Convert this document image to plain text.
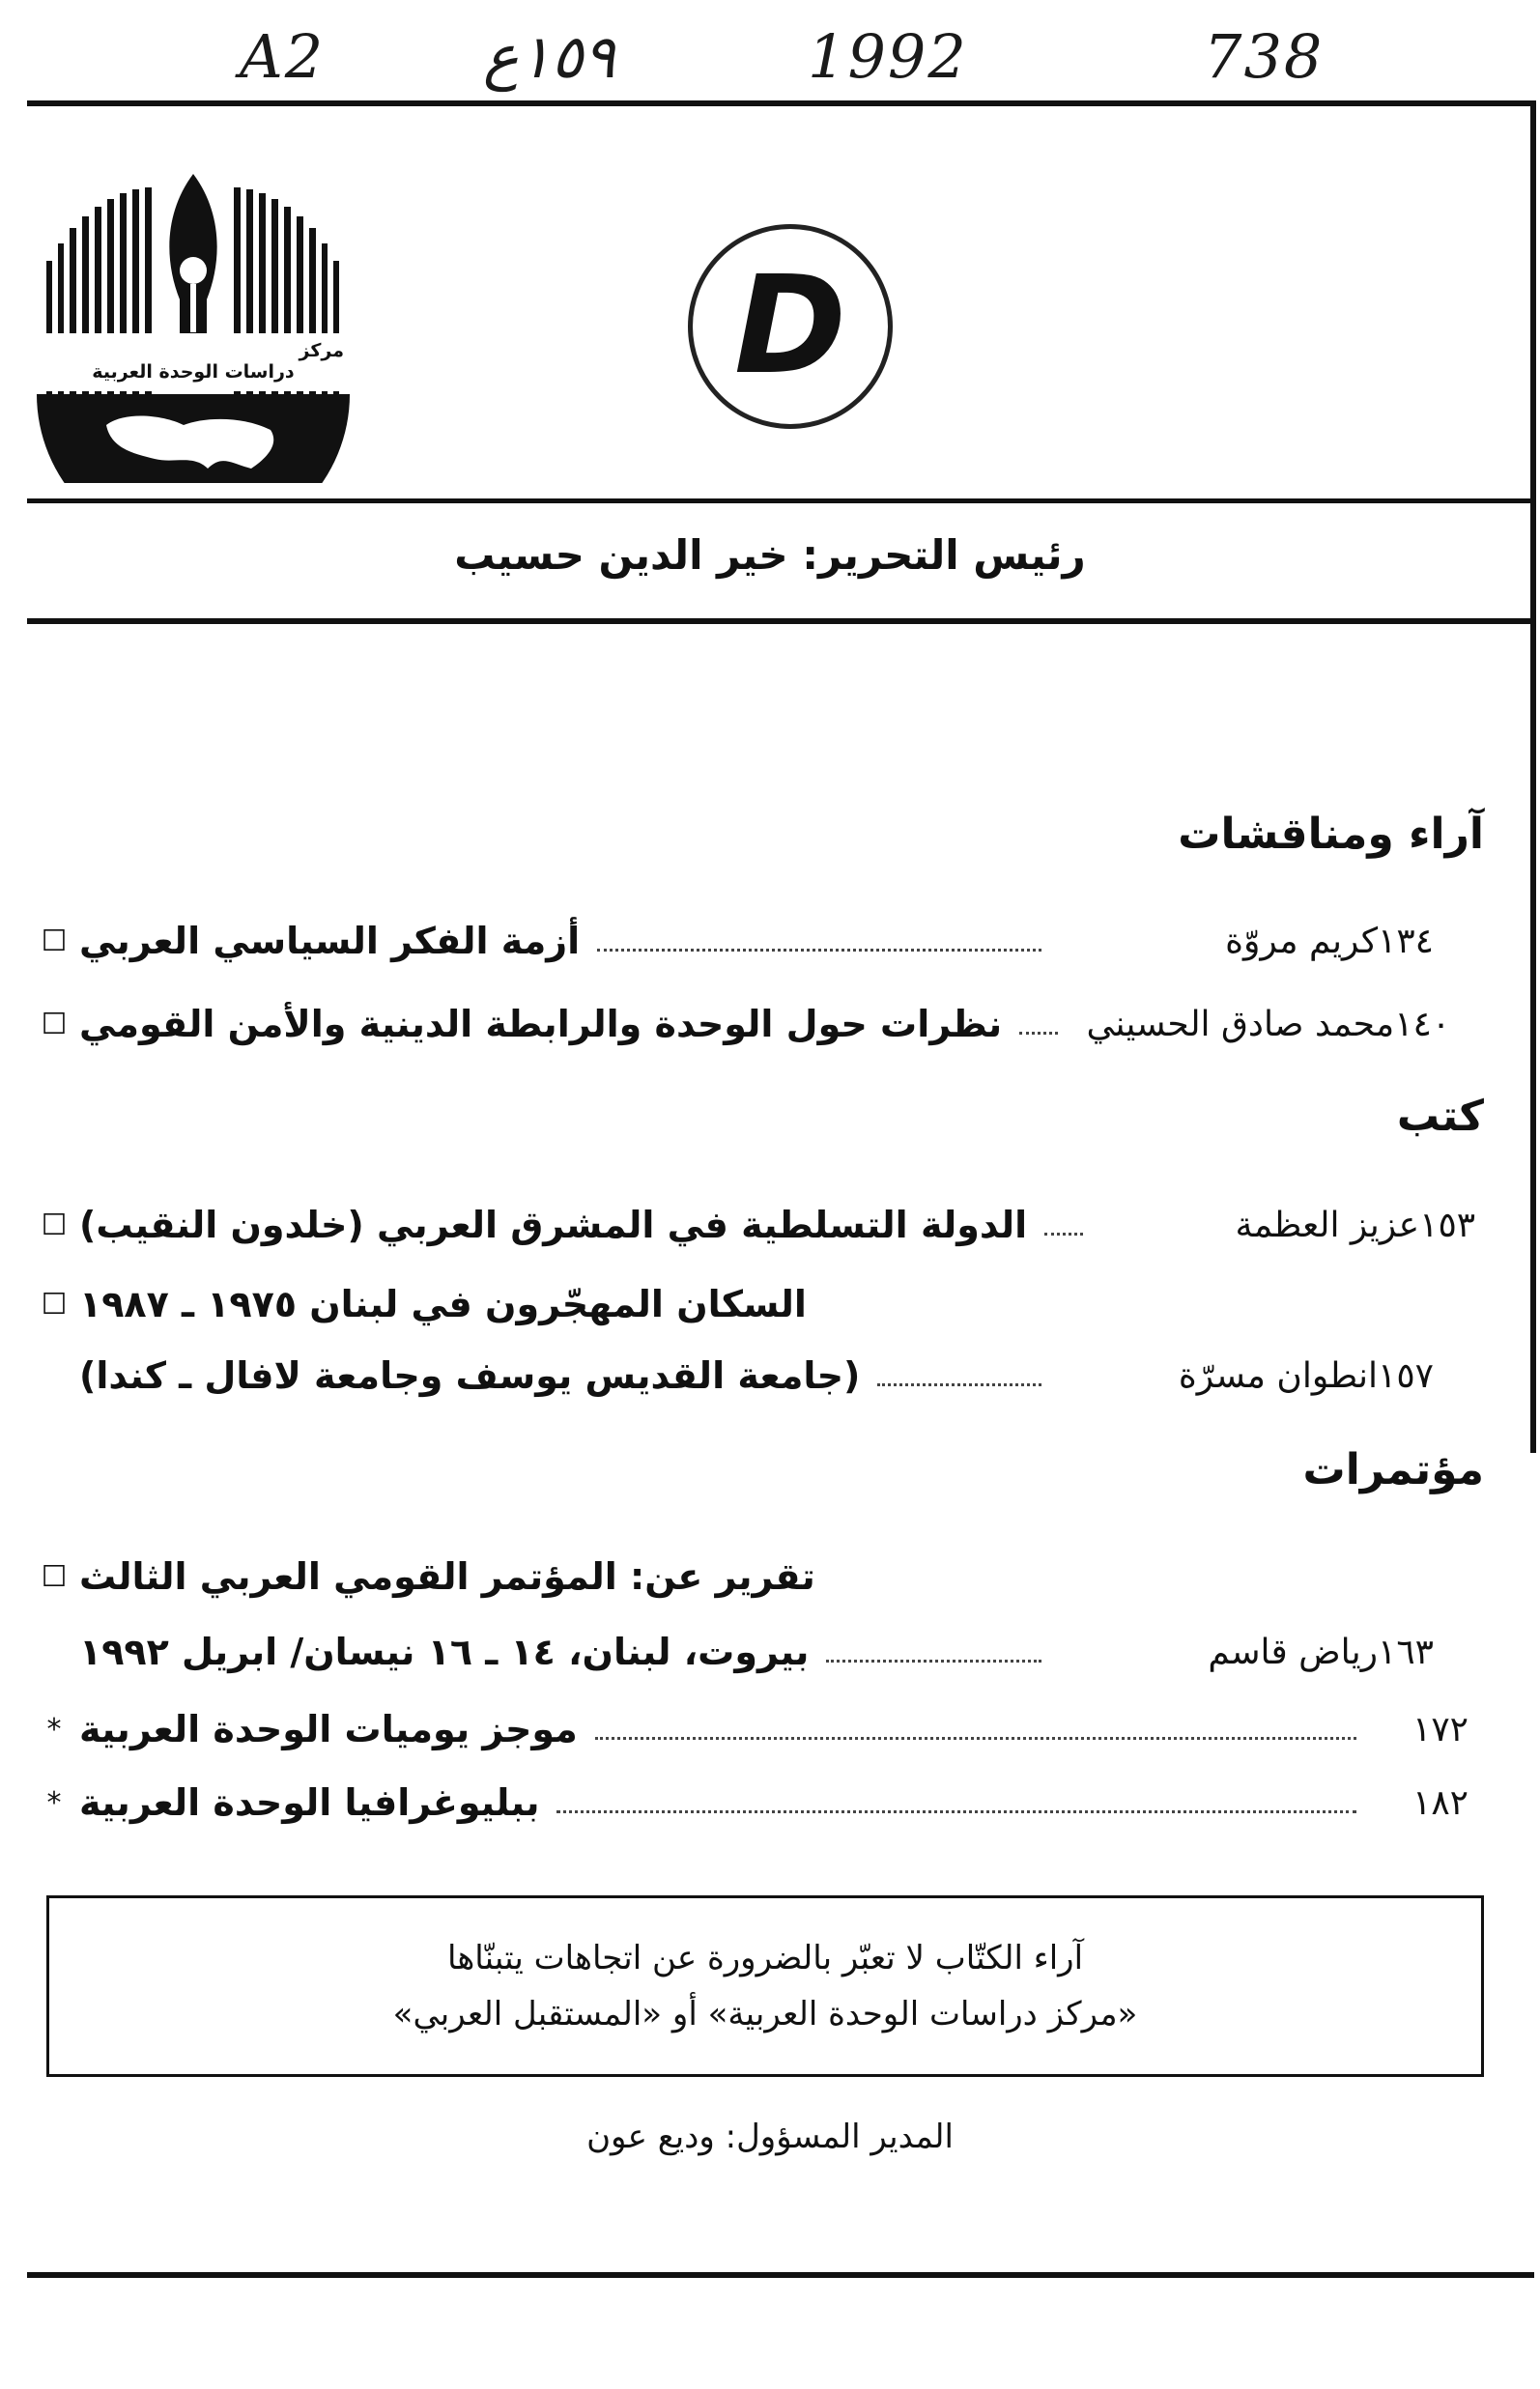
A2	١٥٩ع	1992	738
مركز
دراسات الوحدة العربية	D
رئيس التحرير: خير الدين حسيب
آراء ومناقشات
☐ أزمة الفكر السياسي العربي	كريم مروّة ١٣٤
☐ نظرات حول الوحدة والرابطة الدينية والأمن القومي	محمد صادق الحسيني ١٤٠
كتب
☐ الدولة التسلطية في المشرق العربي (خلدون النقيب)	عزيز العظمة ١٥٣
☐ السكان المهجّرون في لبنان ١٩٧٥ ـ ١٩٨٧
(جامعة القديس يوسف وجامعة لافال ـ كندا)	انطوان مسرّة ١٥٧
مؤتمرات
☐ تقرير عن: المؤتمر القومي العربي الثالث
بيروت، لبنان، ١٤ ـ ١٦ نيسان/ ابريل ١٩٩٢	رياض قاسم ١٦٣
* موجز يوميات الوحدة العربية	١٧٢
* ببليوغرافيا الوحدة العربية	١٨٢
آراء الكتّاب لا تعبّر بالضرورة عن اتجاهات يتبنّاها
«مركز دراسات الوحدة العربية» أو «المستقبل العربي»
المدير المسؤول: وديع عون
